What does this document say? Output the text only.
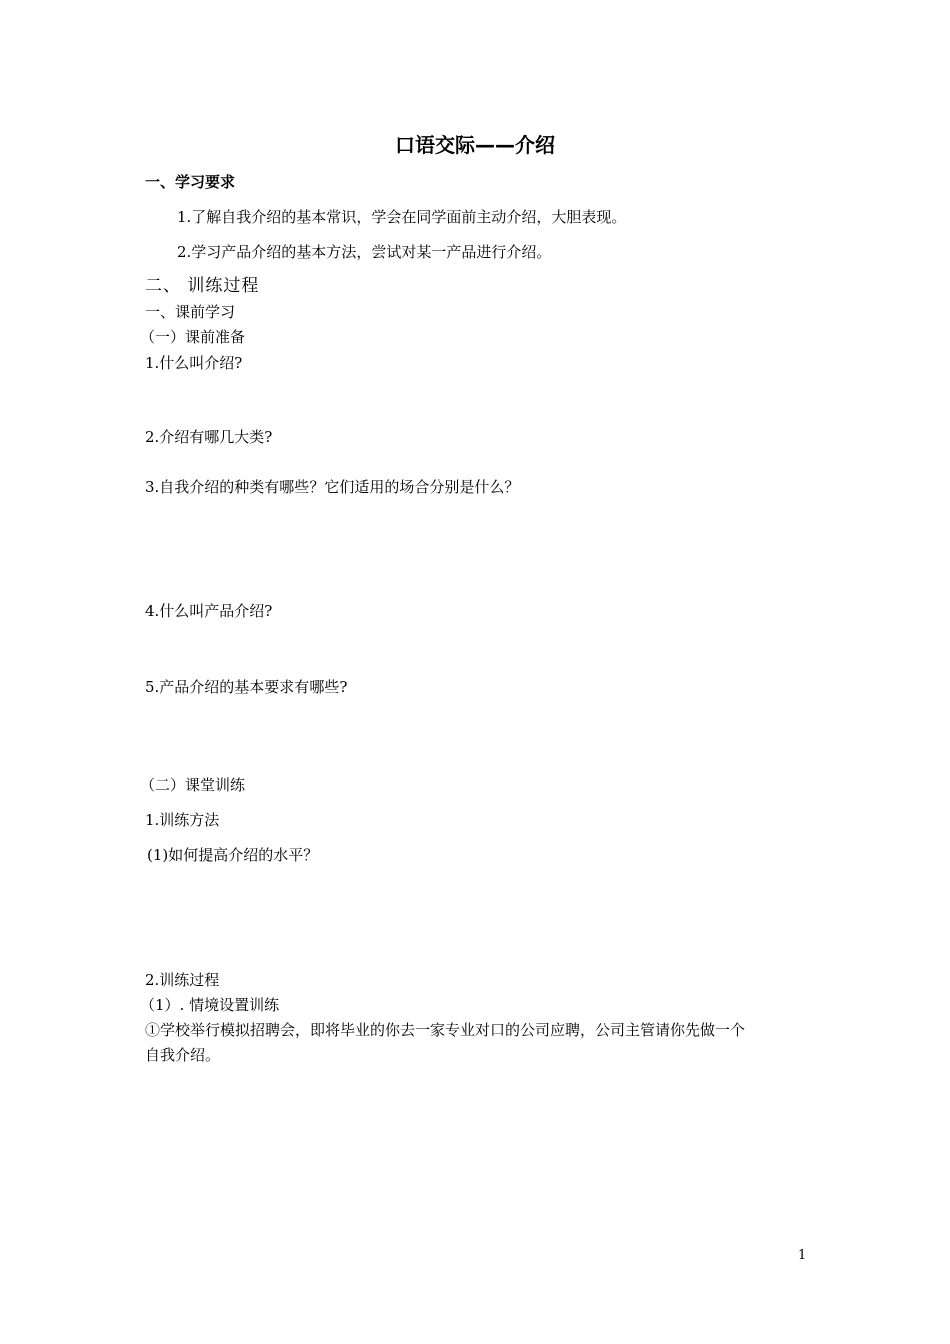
口语交际——介绍
一、学习要求
1.了解自我介绍的基本常识，学会在同学面前主动介绍，大胆表现。
2.学习产品介绍的基本方法，尝试对某一产品进行介绍。
二、 训练过程
一、课前学习
（一）课前准备
1.什么叫介绍?
2.介绍有哪几大类?
3.自我介绍的种类有哪些？它们适用的场合分别是什么？
4.什么叫产品介绍?
5.产品介绍的基本要求有哪些?
（二）课堂训练
1.训练方法
(1)如何提高介绍的水平？
2.训练过程
（1）. 情境设置训练
①学校举行模拟招聘会，即将毕业的你去一家专业对口的公司应聘，公司主管请你先做一个
自我介绍。
1
